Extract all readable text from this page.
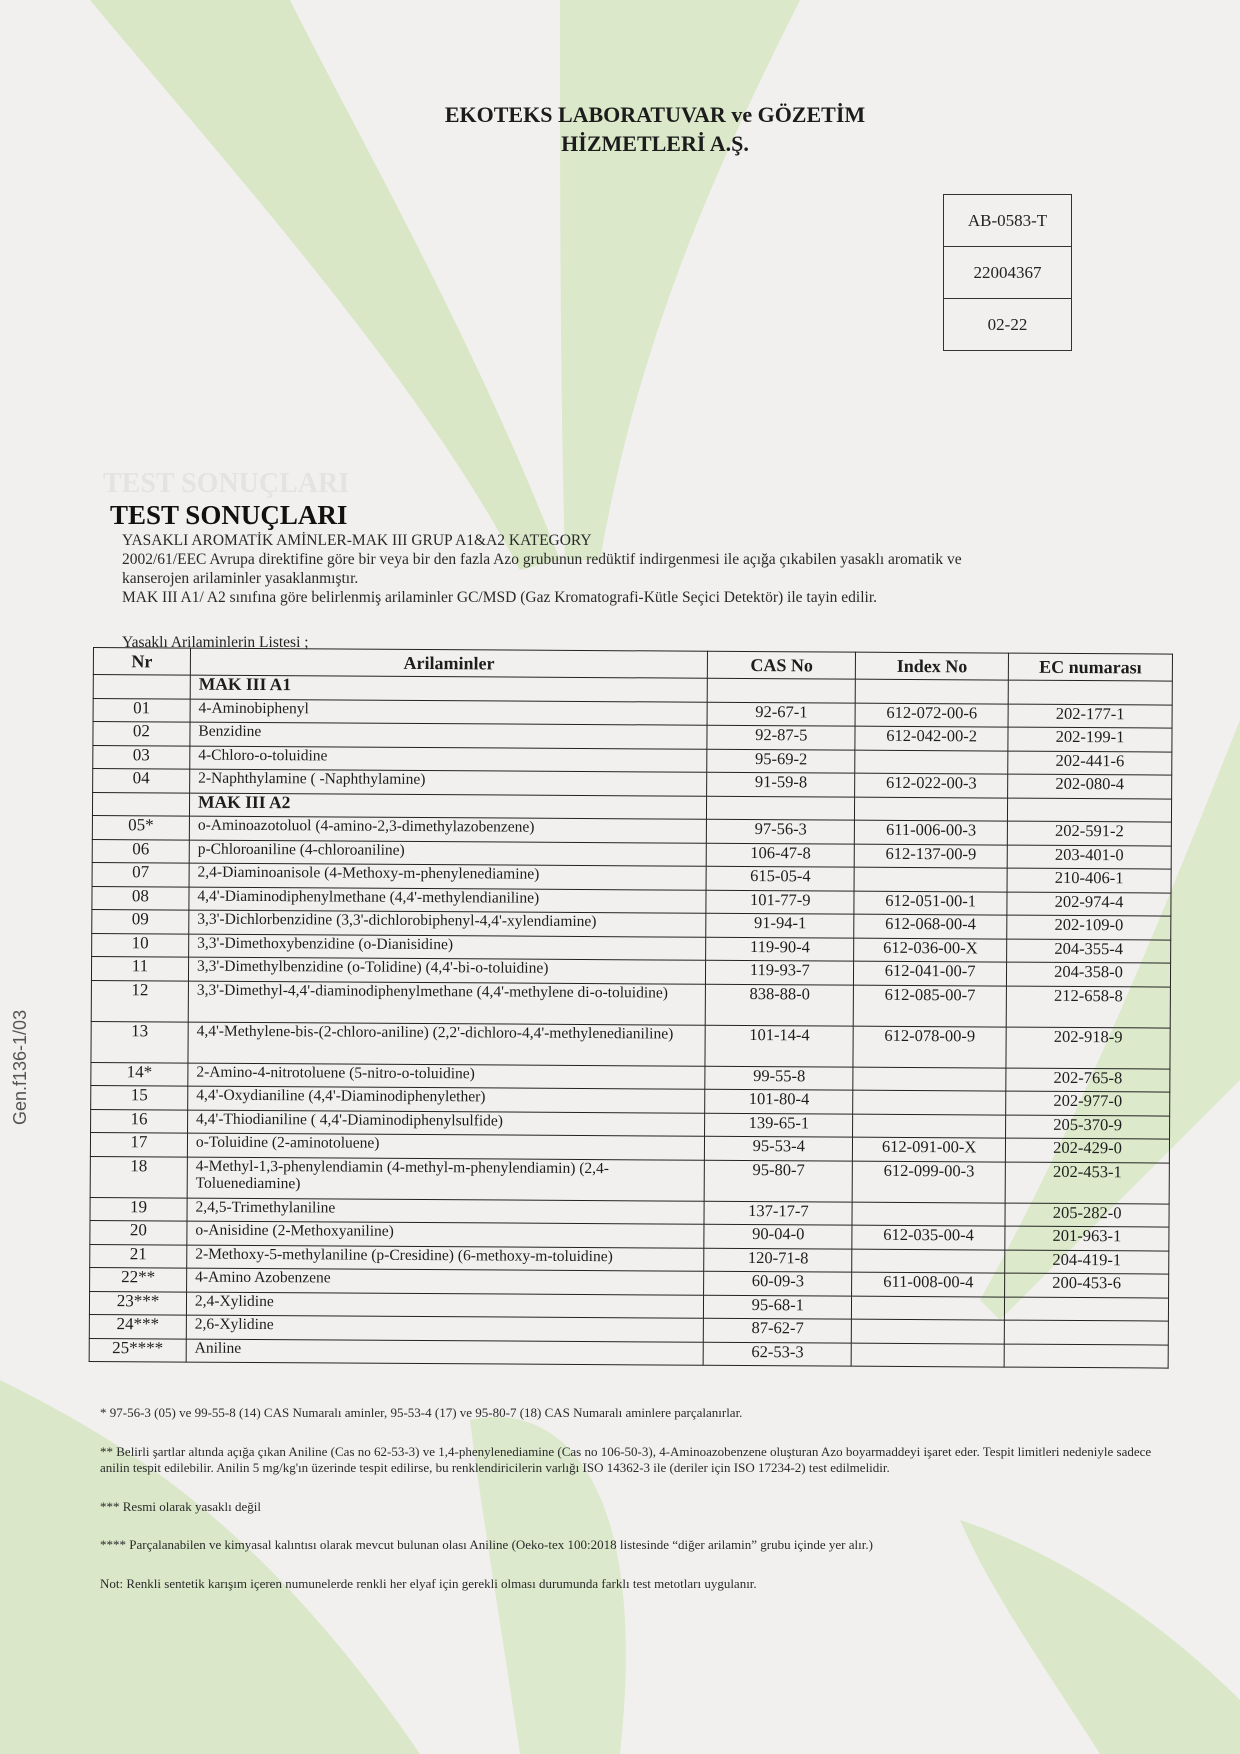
EKOTEKS LABORATUVAR ve GÖZETİM
HİZMETLERİ A.Ş.
AB-0583-T
22004367
02-22
TEST SONUÇLARI
TEST SONUÇLARI

YASAKLI AROMATİK AMİNLER-MAK III GRUP A1&A2 KATEGORY

2002/61/EEC Avrupa direktifine göre bir veya bir den fazla Azo grubunun redüktif indirgenmesi ile açığa çıkabilen yasaklı aromatik ve

kanserojen arilaminler yasaklanmıştır.

MAK III A1/ A2 sınıfına göre belirlenmiş arilaminler GC/MSD (Gaz Kromatografi-Kütle Seçici Detektör) ile tayin edilir.

Yasaklı Arilaminlerin Listesi ;
Nr	Arilaminler	CAS No	Index No	EC numarası
	MAK III A1			
01	4-Aminobiphenyl	92-67-1	612-072-00-6	202-177-1
02	Benzidine	92-87-5	612-042-00-2	202-199-1
03	4-Chloro-o-toluidine	95-69-2		202-441-6
04	2-Naphthylamine ( -Naphthylamine)	91-59-8	612-022-00-3	202-080-4
	MAK III A2			
05*	o-Aminoazotoluol (4-amino-2,3-dimethylazobenzene)	97-56-3	611-006-00-3	202-591-2
06	p-Chloroaniline (4-chloroaniline)	106-47-8	612-137-00-9	203-401-0
07	2,4-Diaminoanisole (4-Methoxy-m-phenylenediamine)	615-05-4		210-406-1
08	4,4'-Diaminodiphenylmethane (4,4'-methylendianiline)	101-77-9	612-051-00-1	202-974-4
09	3,3'-Dichlorbenzidine (3,3'-dichlorobiphenyl-4,4'-xylendiamine)	91-94-1	612-068-00-4	202-109-0
10	3,3'-Dimethoxybenzidine (o-Dianisidine)	119-90-4	612-036-00-X	204-355-4
11	3,3'-Dimethylbenzidine (o-Tolidine) (4,4'-bi-o-toluidine)	119-93-7	612-041-00-7	204-358-0
12	3,3'-Dimethyl-4,4'-diaminodiphenylmethane (4,4'-methylene di-o-toluidine)	838-88-0	612-085-00-7	212-658-8
13	4,4'-Methylene-bis-(2-chloro-aniline) (2,2'-dichloro-4,4'-methylenedianiline)	101-14-4	612-078-00-9	202-918-9
14*	2-Amino-4-nitrotoluene (5-nitro-o-toluidine)	99-55-8		202-765-8
15	4,4'-Oxydianiline (4,4'-Diaminodiphenylether)	101-80-4		202-977-0
16	4,4'-Thiodianiline ( 4,4'-Diaminodiphenylsulfide)	139-65-1		205-370-9
17	o-Toluidine (2-aminotoluene)	95-53-4	612-091-00-X	202-429-0
18	4-Methyl-1,3-phenylendiamin (4-methyl-m-phenylendiamin) (2,4-Toluenediamine)	95-80-7	612-099-00-3	202-453-1
19	2,4,5-Trimethylaniline	137-17-7		205-282-0
20	o-Anisidine (2-Methoxyaniline)	90-04-0	612-035-00-4	201-963-1
21	2-Methoxy-5-methylaniline (p-Cresidine) (6-methoxy-m-toluidine)	120-71-8		204-419-1
22**	4-Amino Azobenzene	60-09-3	611-008-00-4	200-453-6
23***	2,4-Xylidine	95-68-1		
24***	2,6-Xylidine	87-62-7		
25****	Aniline	62-53-3		

* 97-56-3 (05) ve 99-55-8 (14) CAS Numaralı aminler, 95-53-4 (17) ve 95-80-7 (18) CAS Numaralı aminlere parçalanırlar.

** Belirli şartlar altında açığa çıkan Aniline (Cas no 62-53-3) ve 1,4-phenylenediamine (Cas no 106-50-3), 4-Aminoazobenzene oluşturan Azo boyarmaddeyi işaret eder. Tespit limitleri nedeniyle sadece anilin tespit edilebilir. Anilin 5 mg/kg'ın üzerinde tespit edilirse, bu renklendiricilerin varlığı ISO 14362-3 ile (deriler için ISO 17234-2) test edilmelidir.

*** Resmi olarak yasaklı değil

**** Parçalanabilen ve kimyasal kalıntısı olarak mevcut bulunan olası Aniline (Oeko-tex 100:2018 listesinde “diğer arilamin” grubu içinde yer alır.)

Not: Renkli sentetik karışım içeren numunelerde renkli her elyaf için gerekli olması durumunda farklı test metotları uygulanır.

Gen.f136-1/03
